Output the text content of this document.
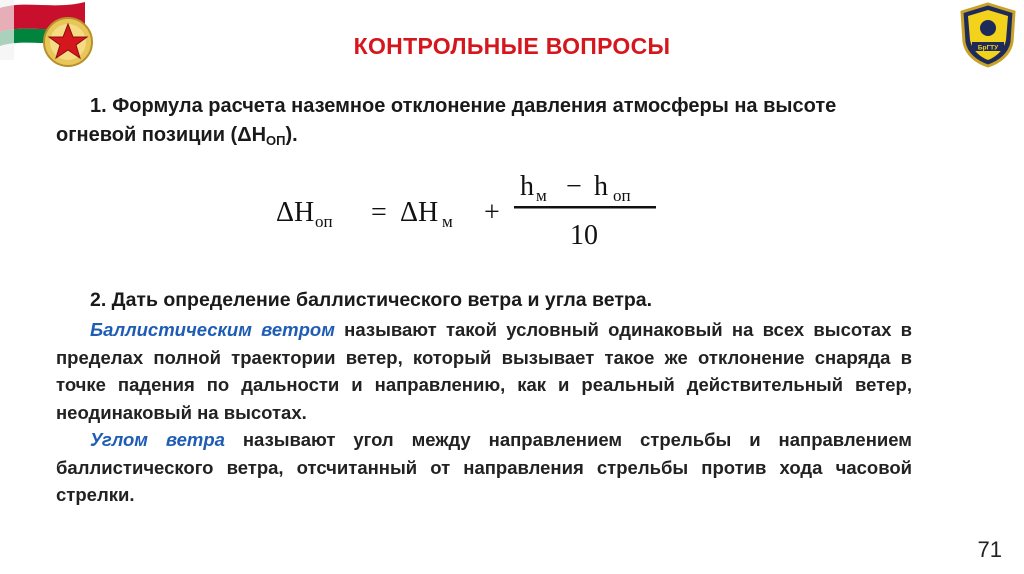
БрГТУ
КОНТРОЛЬНЫЕ ВОПРОСЫ
1. Формула расчета наземное отклонение давления атмосферы на высоте огневой позиции $(\Delta H_{ОП})$.
ΔH оп = ΔH м +
h м − h оп
10
2. Дать определение баллистического ветра и угла ветра.

Баллистическим ветром называют такой условный одинаковый на всех высотах в пределах полной траектории ветер, который вызывает такое же отклонение снаряда в точке падения по дальности и направлению, как и реальный действительный ветер, неодинаковый на высотах.

Углом ветра называют угол между направлением стрельбы и направлением баллистического ветра, отсчитанный от направления стрельбы против хода часовой стрелки.

71
